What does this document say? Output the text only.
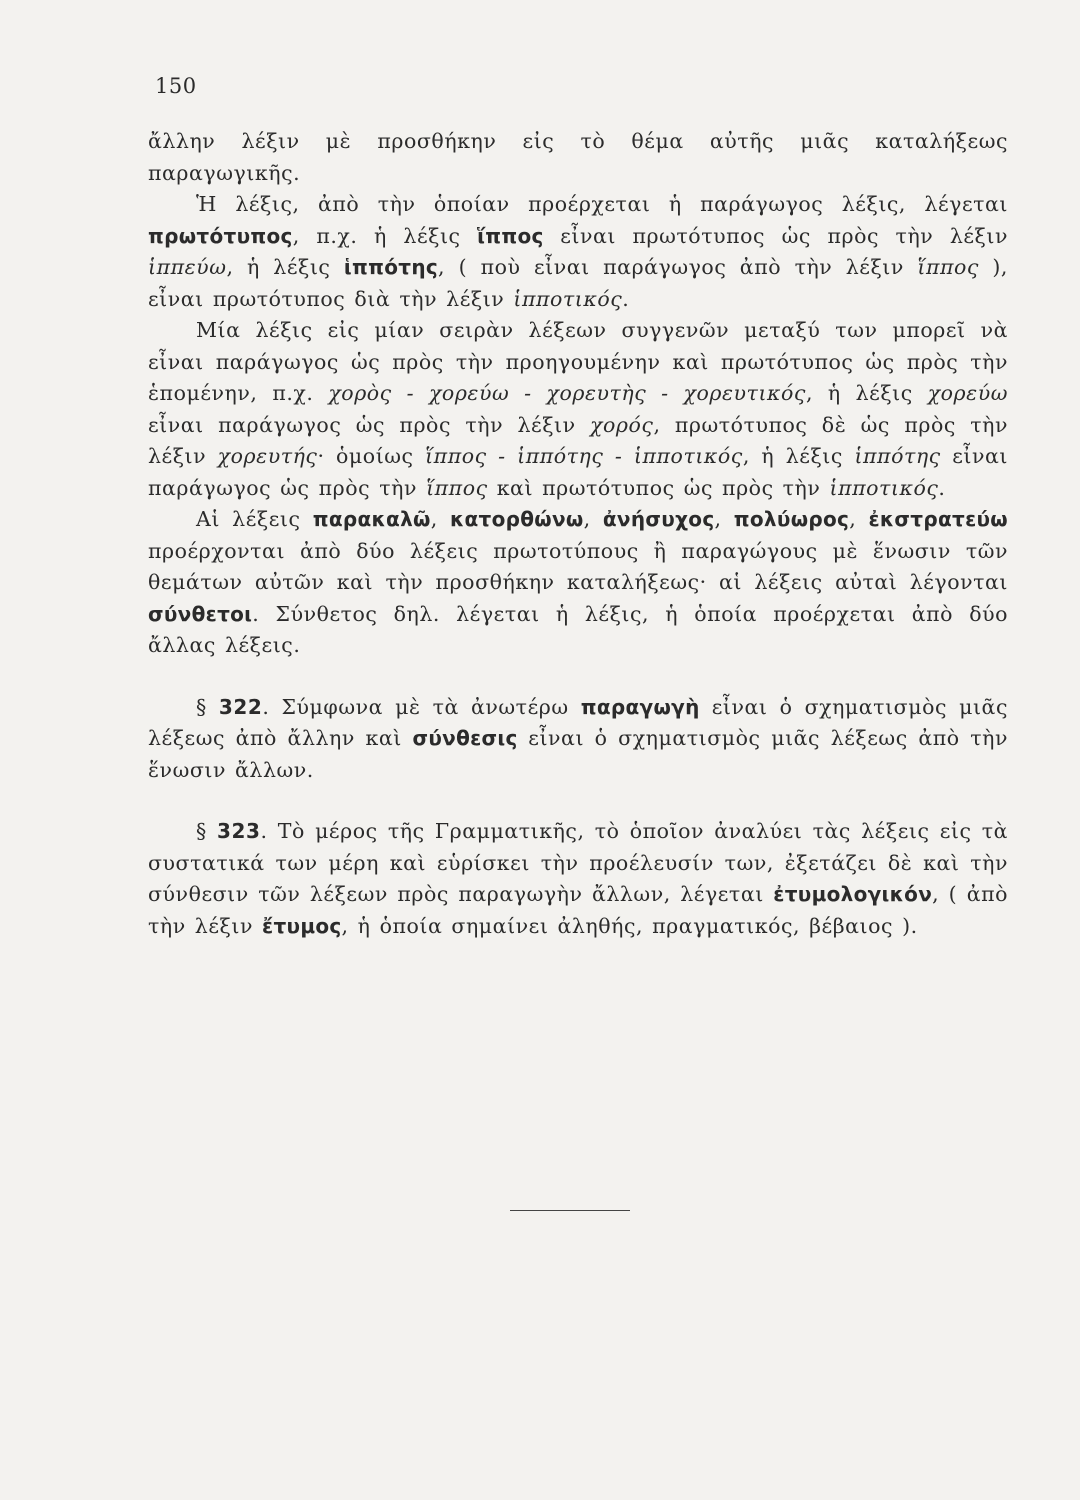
150

ἄλλην λέξιν μὲ προσθήκην εἰς τὸ θέμα αὐτῆς μιᾶς καταλήξεως παραγωγικῆς.

Ἡ λέξις, ἀπὸ τὴν ὁποίαν προέρχεται ἡ παράγωγος λέξις, λέγεται πρωτότυπος, π.χ. ἡ λέξις ἵππος εἶναι πρωτότυπος ὡς πρὸς τὴν λέξιν ἱππεύω, ἡ λέξις ἱππότης, ( ποὺ εἶναι παράγωγος ἀπὸ τὴν λέξιν ἵππος ), εἶναι πρωτότυπος διὰ τὴν λέξιν ἱππoτικός.

Μία λέξις εἰς μίαν σειρὰν λέξεων συγγενῶν μεταξύ των μπορεῖ νὰ εἶναι παράγωγος ὡς πρὸς τὴν προηγουμένην καὶ πρωτότυπος ὡς πρὸς τὴν ἑπομένην, π.χ. χορὸς - χορεύω - χορευτὴς - χορευτικός, ἡ λέξις χορεύω εἶναι παράγωγος ὡς πρὸς τὴν λέξιν χορός, πρωτότυπος δὲ ὡς πρὸς τὴν λέξιν χορευτής· ὁμοίως ἵππος - ἱππότης - ἱπποτικός, ἡ λέξις ἱππότης εἶναι παράγωγος ὡς πρὸς τὴν ἵππος καὶ πρωτότυπος ὡς πρὸς τὴν ἱπποτικός.

Αἱ λέξεις παρακαλῶ, κατορθώνω, ἀνήσυχος, πολύωρος, ἐκστρατεύω προέρχονται ἀπὸ δύο λέξεις πρωτοτύπους ἢ παραγώγους μὲ ἕνωσιν τῶν θεμάτων αὐτῶν καὶ τὴν προσθήκην καταλήξεως· αἱ λέξεις αὐταὶ λέγονται σύνθετοι. Σύνθετος δηλ. λέγεται ἡ λέξις, ἡ ὁποία προέρχεται ἀπὸ δύο ἄλλας λέξεις.

§ 322. Σύμφωνα μὲ τὰ ἀνωτέρω παραγωγὴ εἶναι ὁ σχηματισμὸς μιᾶς λέξεως ἀπὸ ἄλλην καὶ σύνθεσις εἶναι ὁ σχηματισμὸς μιᾶς λέξεως ἀπὸ τὴν ἕνωσιν ἄλλων.

§ 323. Τὸ μέρος τῆς Γραμματικῆς, τὸ ὁποῖον ἀναλύει τὰς λέξεις εἰς τὰ συστατικά των μέρη καὶ εὑρίσκει τὴν προέλευσίν των, ἐξετάζει δὲ καὶ τὴν σύνθεσιν τῶν λέξεων πρὸς παραγωγὴν ἄλλων, λέγεται ἐτυμολογικόν, ( ἀπὸ τὴν λέξιν ἔτυμος, ἡ ὁποία σημαίνει ἀληθής, πραγματικός, βέβαιος ).
